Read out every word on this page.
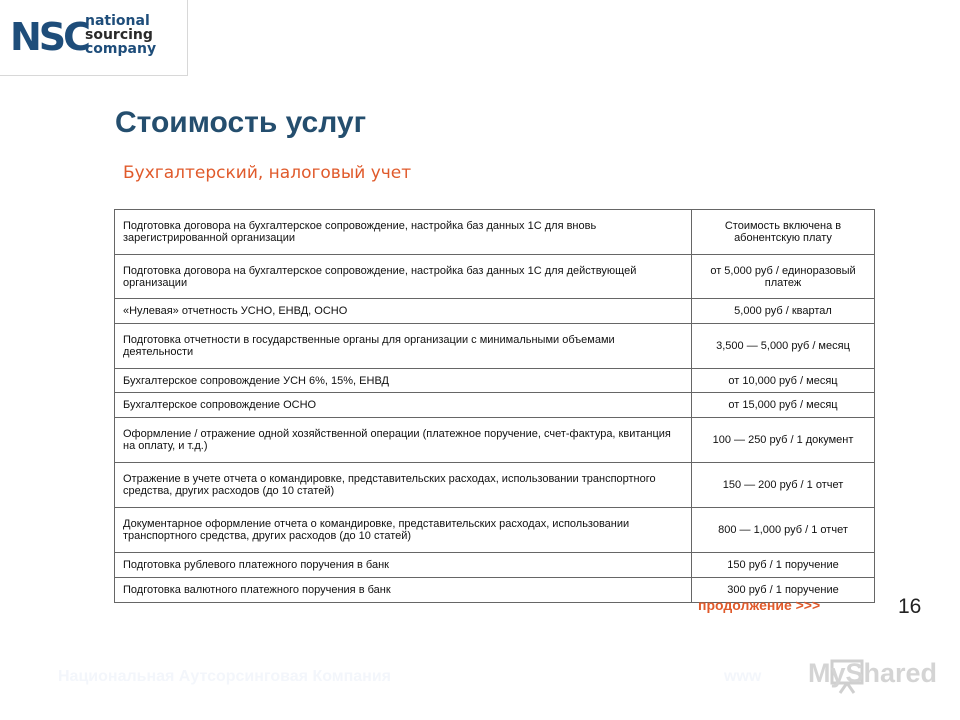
NSC
national
sourcing
company
Стоимость услуг
Бухгалтерский, налоговый учет
Подготовка договора на бухгалтерское сопровождение, настройка баз данных 1С для вновь зарегистрированной организации	Стоимость включена в абонентскую плату
Подготовка договора на бухгалтерское сопровождение, настройка баз данных 1С для действующей организации	от 5,000 руб / единоразовый платеж
«Нулевая» отчетность УСНО, ЕНВД, ОСНО	5,000 руб / квартал
Подготовка отчетности в государственные органы для организации с минимальными объемами деятельности	3,500 — 5,000 руб / месяц
Бухгалтерское сопровождение УСН 6%, 15%, ЕНВД	от 10,000 руб / месяц
Бухгалтерское сопровождение ОСНО	от 15,000 руб / месяц
Оформление / отражение одной хозяйственной операции (платежное поручение, счет-фактура, квитанция на оплату, и т.д.)	100 — 250 руб / 1 документ
Отражение в учете отчета о командировке, представительских расходах, использовании транспортного средства, других расходов (до 10 статей)	150 — 200 руб / 1 отчет
Документарное оформление отчета о командировке, представительских расходах, использовании транспортного средства, других расходов (до 10 статей)	800 — 1,000 руб / 1 отчет
Подготовка рублевого платежного поручения в банк	150 руб / 1 поручение
Подготовка валютного платежного поручения в банк	300 руб / 1 поручение
продолжение >>>	16
Национальная Аутсорсинговая Компания	www MyShared
